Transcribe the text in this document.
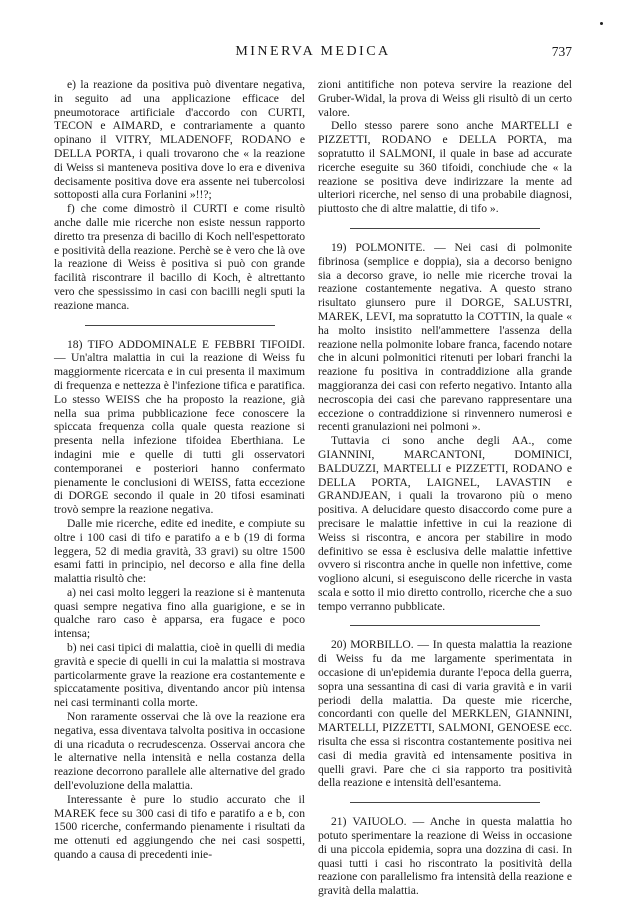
MINERVA MEDICA	737

e) la reazione da positiva può diventare negativa, in seguito ad una applicazione efficace del pneumotorace artificiale d'accordo con CURTI, TECON e AIMARD, e contrariamente a quanto opinano il VITRY, MLADENOFF, RODANO e DELLA PORTA, i quali trovarono che « la reazione di Weiss si manteneva positiva dove lo era e diveniva decisamente positiva dove era assente nei tubercolosi sottoposti alla cura Forlanini »!!?;

f) che come dimostrò il CURTI e come risultò anche dalle mie ricerche non esiste nessun rapporto diretto tra presenza di bacillo di Koch nell'espettorato e positività della reazione. Perchè se è vero che là ove la reazione di Weiss è positiva si può con grande facilità riscontrare il bacillo di Koch, è altrettanto vero che spessissimo in casi con bacilli negli sputi la reazione manca.

18) TIFO ADDOMINALE E FEBBRI TIFOIDI. — Un'altra malattia in cui la reazione di Weiss fu maggiormente ricercata e in cui presenta il maximum di frequenza e nettezza è l'infezione tifica e paratifica. Lo stesso WEISS che ha proposto la reazione, già nella sua prima pubblicazione fece conoscere la spiccata frequenza colla quale questa reazione si presenta nella infezione tifoidea Eberthiana. Le indagini mie e quelle di tutti gli osservatori contemporanei e posteriori hanno confermato pienamente le conclusioni di WEISS, fatta eccezione di DORGE secondo il quale in 20 tifosi esaminati trovò sempre la reazione negativa.

Dalle mie ricerche, edite ed inedite, e compiute su oltre i 100 casi di tifo e paratifo a e b (19 di forma leggera, 52 di media gravità, 33 gravi) su oltre 1500 esami fatti in principio, nel decorso e alla fine della malattia risultò che:

a) nei casi molto leggeri la reazione si è mantenuta quasi sempre negativa fino alla guarigione, e se in qualche raro caso è apparsa, era fugace e poco intensa;

b) nei casi tipici di malattia, cioè in quelli di media gravità e specie di quelli in cui la malattia si mostrava particolarmente grave la reazione era costantemente e spiccatamente positiva, diventando ancor più intensa nei casi terminanti colla morte.

Non raramente osservai che là ove la reazione era negativa, essa diventava talvolta positiva in occasione di una ricaduta o recrudescenza. Osservai ancora che le alternative nella intensità e nella costanza della reazione decorrono parallele alle alternative del grado dell'evoluzione della malattia.

Interessante è pure lo studio accurato che il MAREK fece su 300 casi di tifo e paratifo a e b, con 1500 ricerche, confermando pienamente i risultati da me ottenuti ed aggiungendo che nei casi sospetti, quando a causa di precedenti inie-

zioni antitifiche non poteva servire la reazione del Gruber-Widal, la prova di Weiss gli risultò di un certo valore.

Dello stesso parere sono anche MARTELLI e PIZZETTI, RODANO e DELLA PORTA, ma sopratutto il SALMONI, il quale in base ad accurate ricerche eseguite su 360 tifoidi, conchiude che « la reazione se positiva deve indirizzare la mente ad ulteriori ricerche, nel senso di una probabile diagnosi, piuttosto che di altre malattie, di tifo ».

19) POLMONITE. — Nei casi di polmonite fibrinosa (semplice e doppia), sia a decorso benigno sia a decorso grave, io nelle mie ricerche trovai la reazione costantemente negativa. A questo strano risultato giunsero pure il DORGE, SALUSTRI, MAREK, LEVI, ma sopratutto la COTTIN, la quale « ha molto insistito nell'ammettere l'assenza della reazione nella polmonite lobare franca, facendo notare che in alcuni polmonitici ritenuti per lobari franchi la reazione fu positiva in contraddizione alla grande maggioranza dei casi con referto negativo. Intanto alla necroscopia dei casi che parevano rappresentare una eccezione o contraddizione si rinvennero numerosi e recenti granulazioni nei polmoni ».

Tuttavia ci sono anche degli AA., come GIANNINI, MARCANTONI, DOMINICI, BALDUZZI, MARTELLI e PIZZETTI, RODANO e DELLA PORTA, LAIGNEL, LAVASTIN e GRANDJEAN, i quali la trovarono più o meno positiva. A delucidare questo disaccordo come pure a precisare le malattie infettive in cui la reazione di Weiss si riscontra, e ancora per stabilire in modo definitivo se essa è esclusiva delle malattie infettive ovvero si riscontra anche in quelle non infettive, come vogliono alcuni, si eseguiscono delle ricerche in vasta scala e sotto il mio diretto controllo, ricerche che a suo tempo verranno pubblicate.

20) MORBILLO. — In questa malattia la reazione di Weiss fu da me largamente sperimentata in occasione di un'epidemia durante l'epoca della guerra, sopra una sessantina di casi di varia gravità e in varii periodi della malattia. Da queste mie ricerche, concordanti con quelle del MERKLEN, GIANNINI, MARTELLI, PIZZETTI, SALMONI, GENOESE ecc. risulta che essa si riscontra costantemente positiva nei casi di media gravità ed intensamente positiva in quelli gravi. Pare che ci sia rapporto tra positività della reazione e intensità dell'esantema.

21) VAIUOLO. — Anche in questa malattia ho potuto sperimentare la reazione di Weiss in occasione di una piccola epidemia, sopra una dozzina di casi. In quasi tutti i casi ho riscontrato la positività della reazione con parallelismo fra intensità della reazione e gravità della malattia.
